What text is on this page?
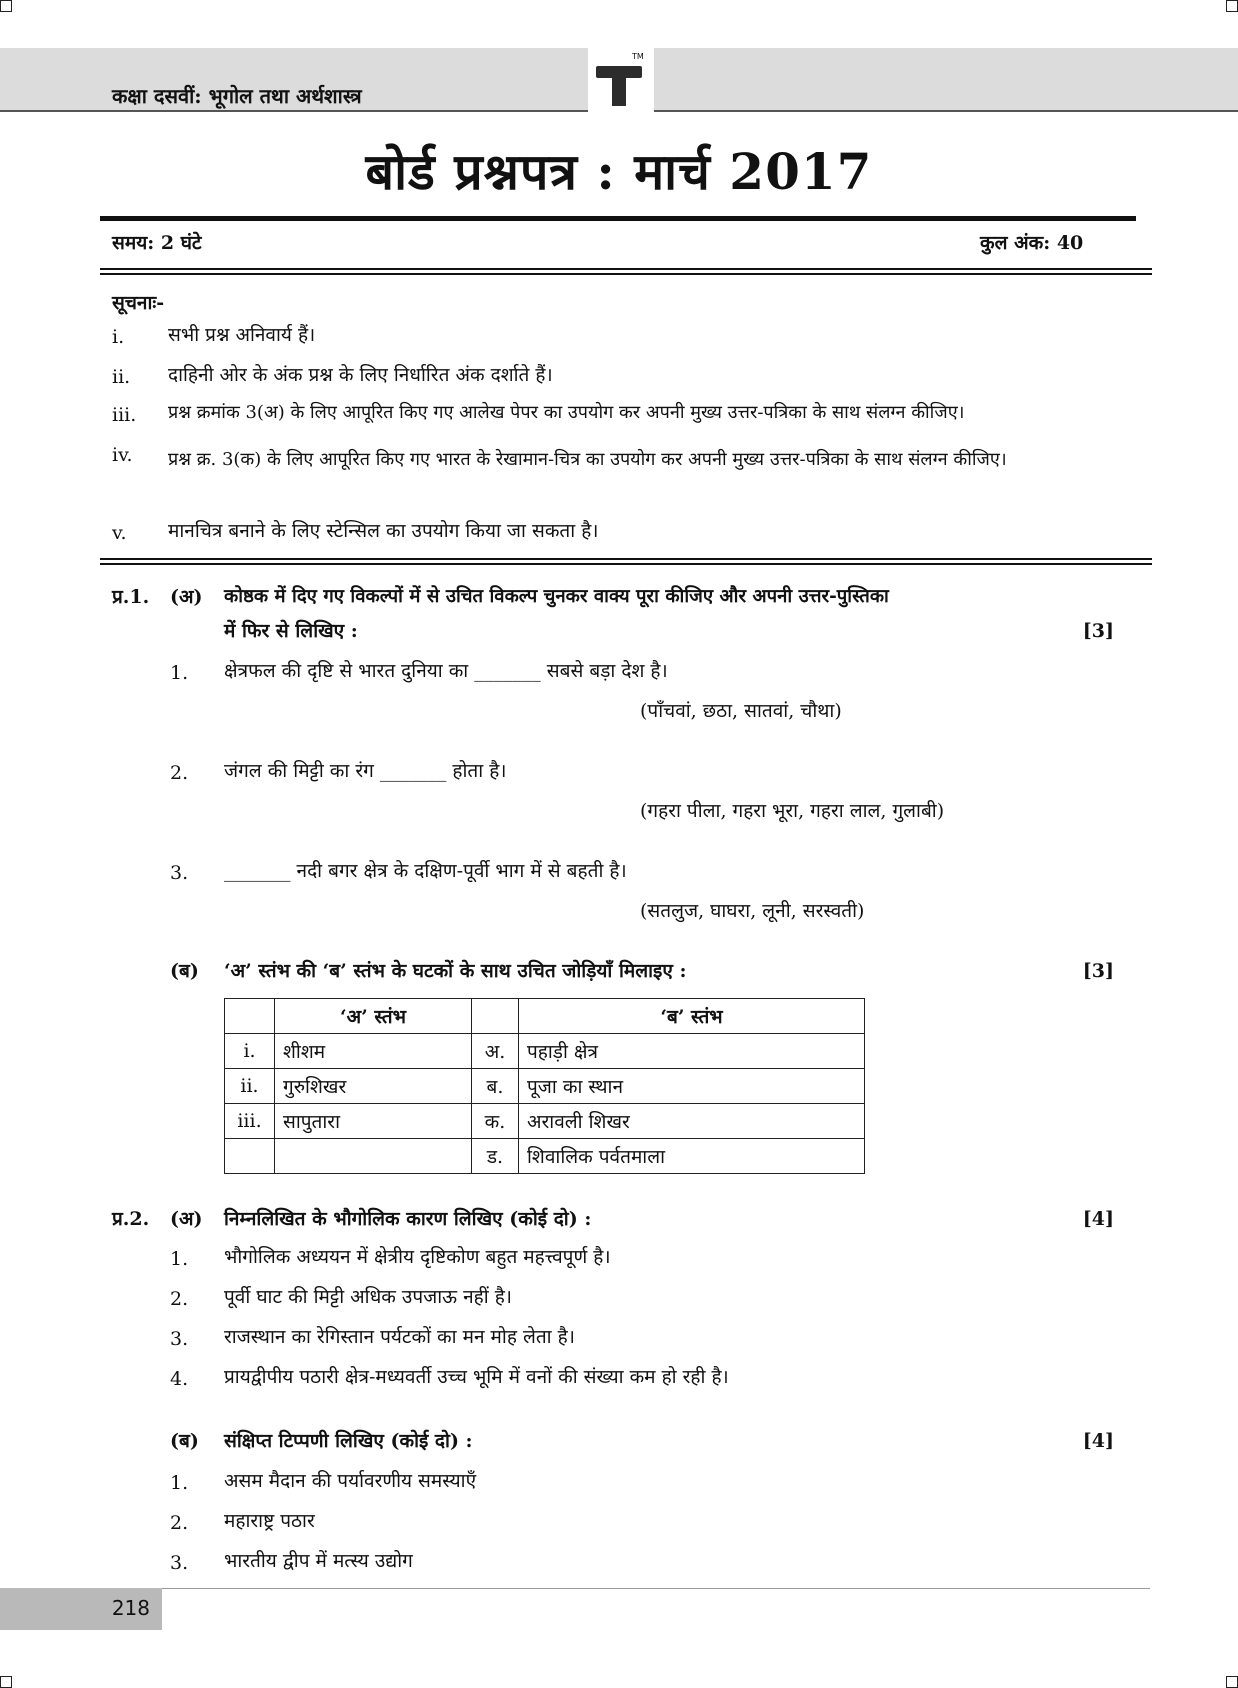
कक्षा दसवीं: भूगोल तथा अर्थशास्त्र
TM
बोर्ड प्रश्नपत्र : मार्च 2017
समय: 2 घंटे	कुल अंक: 40
सूचनाः-
i. सभी प्रश्न अनिवार्य हैं।
ii. दाहिनी ओर के अंक प्रश्न के लिए निर्धारित अंक दर्शाते हैं।
iii. प्रश्न क्रमांक 3(अ) के लिए आपूरित किए गए आलेख पेपर का उपयोग कर अपनी मुख्य उत्तर-पत्रिका के साथ संलग्न कीजिए।
iv. प्रश्न क्र. 3(क) के लिए आपूरित किए गए भारत के रेखामान-चित्र का उपयोग कर अपनी मुख्य उत्तर-पत्रिका के साथ संलग्न कीजिए।
v. मानचित्र बनाने के लिए स्टेन्सिल का उपयोग किया जा सकता है।
प्र.1. (अ) कोष्ठक में दिए गए विकल्पों में से उचित विकल्प चुनकर वाक्य पूरा कीजिए और अपनी उत्तर-पुस्तिका
में फिर से लिखिए :	[3]
1. क्षेत्रफल की दृष्टि से भारत दुनिया का _______ सबसे बड़ा देश है।
(पाँचवां, छठा, सातवां, चौथा)
2. जंगल की मिट्टी का रंग _______ होता है।
(गहरा पीला, गहरा भूरा, गहरा लाल, गुलाबी)
3. _______ नदी बगर क्षेत्र के दक्षिण-पूर्वी भाग में से बहती है।
(सतलुज, घाघरा, लूनी, सरस्वती)
(ब) ‘अ’ स्तंभ की ‘ब’ स्तंभ के घटकों के साथ उचित जोड़ियाँ मिलाइए :	[3]
	‘अ’ स्तंभ		‘ब’ स्तंभ
i.	शीशम	अ.	पहाड़ी क्षेत्र
ii.	गुरुशिखर	ब.	पूजा का स्थान
iii.	सापुतारा	क.	अरावली शिखर
		ड.	शिवालिक पर्वतमाला
प्र.2. (अ) निम्नलिखित के भौगोलिक कारण लिखिए (कोई दो) :	[4]
1. भौगोलिक अध्ययन में क्षेत्रीय दृष्टिकोण बहुत महत्त्वपूर्ण है।
2. पूर्वी घाट की मिट्टी अधिक उपजाऊ नहीं है।
3. राजस्थान का रेगिस्तान पर्यटकों का मन मोह लेता है।
4. प्रायद्वीपीय पठारी क्षेत्र-मध्यवर्ती उच्च भूमि में वनों की संख्या कम हो रही है।
(ब) संक्षिप्त टिप्पणी लिखिए (कोई दो) :	[4]
1. असम मैदान की पर्यावरणीय समस्याएँ
2. महाराष्ट्र पठार
3. भारतीय द्वीप में मत्स्य उद्योग
218
